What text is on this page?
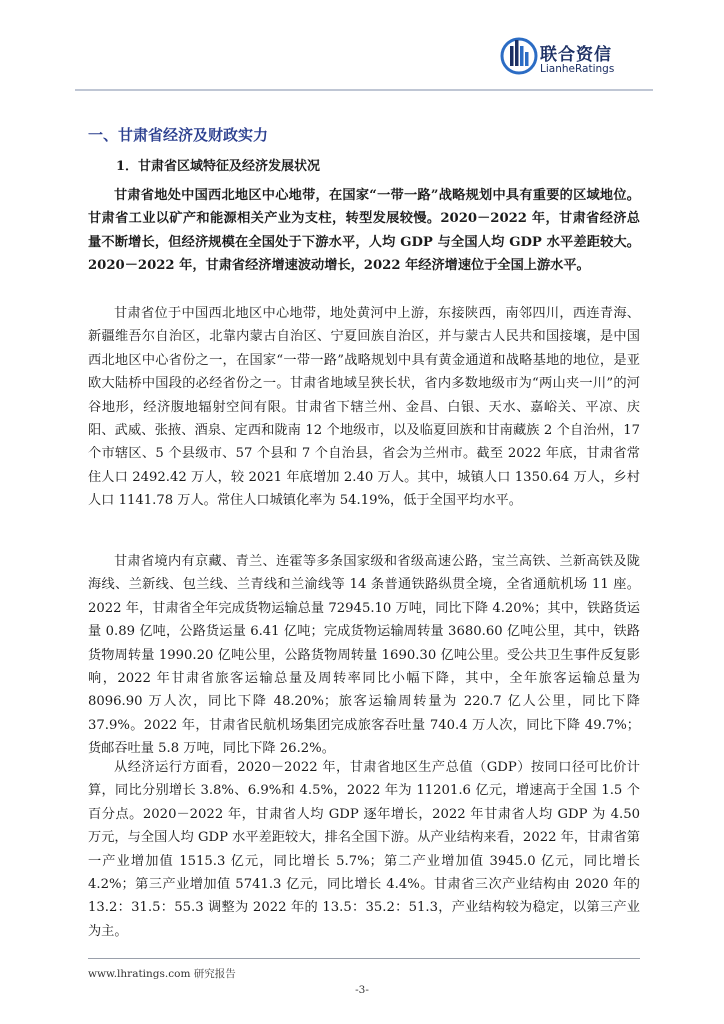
联合资信
LianheRatings
一、甘肃省经济及财政实力
1．甘肃省区域特征及经济发展状况

甘肃省地处中国西北地区中心地带，在国家“一带一路”战略规划中具有重要的区域地位。甘肃省工业以矿产和能源相关产业为支柱，转型发展较慢。2020－2022 年，甘肃省经济总量不断增长，但经济规模在全国处于下游水平，人均 GDP 与全国人均 GDP 水平差距较大。2020－2022 年，甘肃省经济增速波动增长，2022 年经济增速位于全国上游水平。

甘肃省位于中国西北地区中心地带，地处黄河中上游，东接陕西，南邻四川，西连青海、新疆维吾尔自治区，北靠内蒙古自治区、宁夏回族自治区，并与蒙古人民共和国接壤，是中国西北地区中心省份之一，在国家“一带一路”战略规划中具有黄金通道和战略基地的地位，是亚欧大陆桥中国段的必经省份之一。甘肃省地域呈狭长状，省内多数地级市为“两山夹一川”的河谷地形，经济腹地辐射空间有限。甘肃省下辖兰州、金昌、白银、天水、嘉峪关、平凉、庆阳、武威、张掖、酒泉、定西和陇南 12 个地级市，以及临夏回族和甘南藏族 2 个自治州，17 个市辖区、5 个县级市、57 个县和 7 个自治县，省会为兰州市。截至 2022 年底，甘肃省常住人口 2492.42 万人，较 2021 年底增加 2.40 万人。其中，城镇人口 1350.64 万人，乡村人口 1141.78 万人。常住人口城镇化率为 54.19%，低于全国平均水平。

甘肃省境内有京藏、青兰、连霍等多条国家级和省级高速公路，宝兰高铁、兰新高铁及陇海线、兰新线、包兰线、兰青线和兰渝线等 14 条普通铁路纵贯全境，全省通航机场 11 座。2022 年，甘肃省全年完成货物运输总量 72945.10 万吨，同比下降 4.20%；其中，铁路货运量 0.89 亿吨，公路货运量 6.41 亿吨；完成货物运输周转量 3680.60 亿吨公里，其中，铁路货物周转量 1990.20 亿吨公里，公路货物周转量 1690.30 亿吨公里。受公共卫生事件反复影响，2022 年甘肃省旅客运输总量及周转率同比小幅下降，其中，全年旅客运输总量为 8096.90 万人次，同比下降 48.20%；旅客运输周转量为 220.7 亿人公里，同比下降 37.9%。2022 年，甘肃省民航机场集团完成旅客吞吐量 740.4 万人次，同比下降 49.7%；货邮吞吐量 5.8 万吨，同比下降 26.2%。

从经济运行方面看，2020－2022 年，甘肃省地区生产总值（GDP）按同口径可比价计算，同比分别增长 3.8%、6.9%和 4.5%，2022 年为 11201.6 亿元，增速高于全国 1.5 个百分点。2020－2022 年，甘肃省人均 GDP 逐年增长，2022 年甘肃省人均 GDP 为 4.50 万元，与全国人均 GDP 水平差距较大，排名全国下游。从产业结构来看，2022 年，甘肃省第一产业增加值 1515.3 亿元，同比增长 5.7%；第二产业增加值 3945.0 亿元，同比增长 4.2%；第三产业增加值 5741.3 亿元，同比增长 4.4%。甘肃省三次产业结构由 2020 年的 13.2：31.5：55.3 调整为 2022 年的 13.5：35.2：51.3，产业结构较为稳定，以第三产业为主。

www.lhratings.com 研究报告
-3-
